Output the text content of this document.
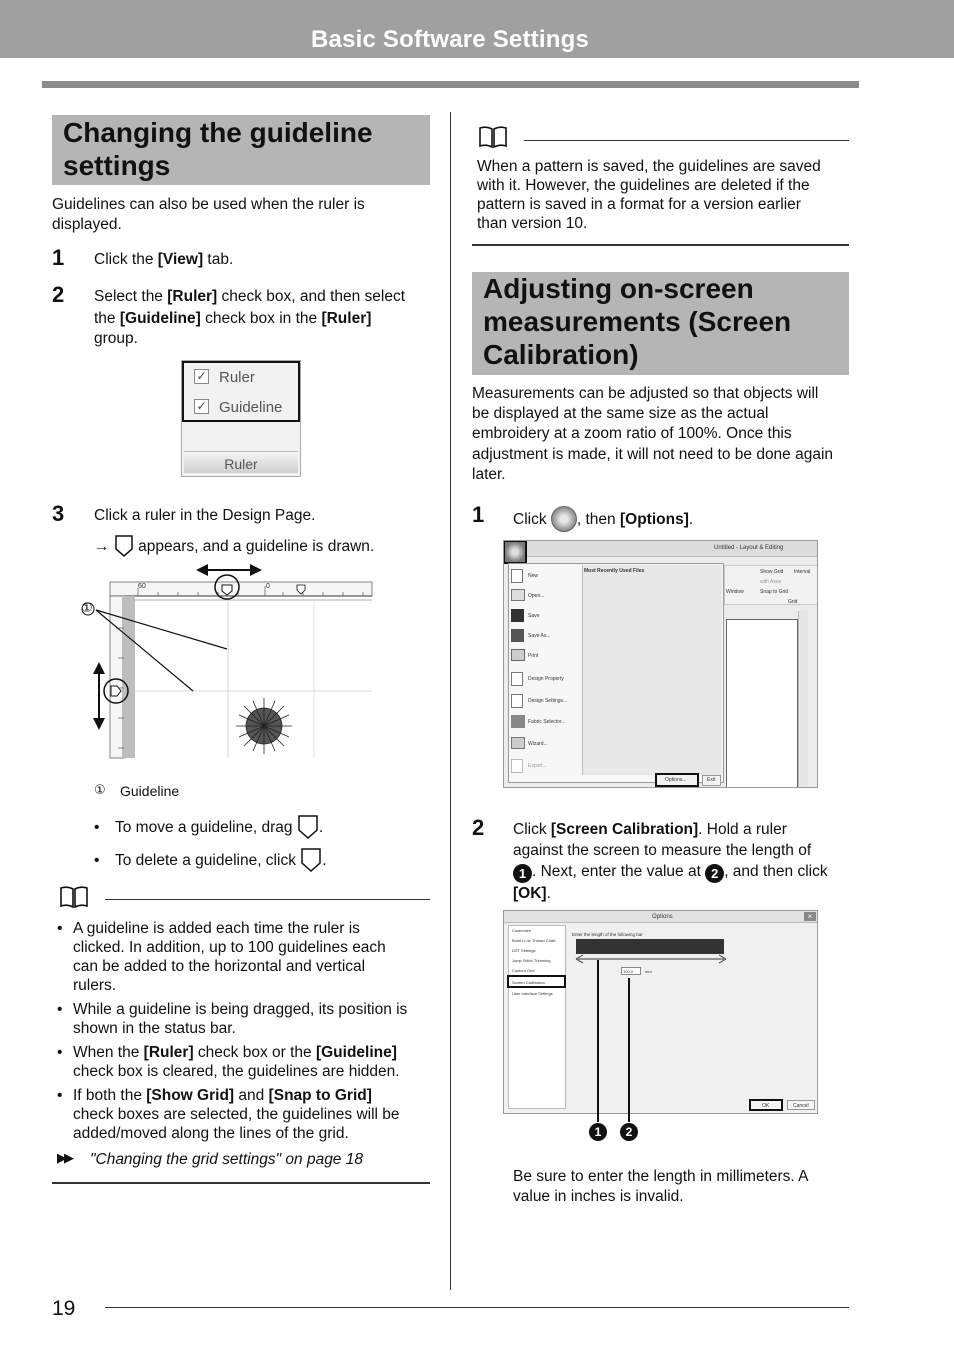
Basic Software Settings
Changing the guideline
settings
Guidelines can also be used when the ruler is
displayed.
1 Click the [View] tab.
2 Select the [Ruler] check box, and then select
the [Guideline] check box in the [Ruler]
group.
✓ Ruler
✓ Guideline
Ruler
3 Click a ruler in the Design Page.
→ appears, and a guideline is drawn.
60	0
①
① Guideline
• To move a guideline, drag .
• To delete a guideline, click .
• A guideline is added each time the ruler is
clicked. In addition, up to 100 guidelines each
can be added to the horizontal and vertical
rulers.
• While a guideline is being dragged, its position is
shown in the status bar.
• When the [Ruler] check box or the [Guideline]
check box is cleared, the guidelines are hidden.
• If both the [Show Grid] and [Snap to Grid]
check boxes are selected, the guidelines will be
added/moved along the lines of the grid.
▶▶ "Changing the grid settings" on page 18
When a pattern is saved, the guidelines are saved
with it. However, the guidelines are deleted if the
pattern is saved in a format for a version earlier
than version 10.
Adjusting on-screen
measurements (Screen
Calibration)
Measurements can be adjusted so that objects will
be displayed at the same size as the actual
embroidery at a zoom ratio of 100%. Once this
adjustment is made, it will not need to be done again
later.
1 Click , then [Options].
Untitled - Layout & Editing
Show Grid Interval
with Axes
Snap to Grid
Grid
Window
Most Recently Used Files
New
Open...
Save
Save As...
Print
Design Property
Design Settings...
Fabric Selector...
Wizard...
Export...
Options...	Exit
2 Click [Screen Calibration]. Hold a ruler
against the screen to measure the length of
1 . Next, enter the value at 2 , and then click
[OK].
Options	×
Customize
Build Li-ne Thread Chart
DST Settings
Jump Stitch Trimming
Custom Grid
Screen Calibration
User Interface Settings
Enter the length of the following bar
100.0	mm
OK	Cancel
1	2
Be sure to enter the length in millimeters. A
value in inches is invalid.
19
